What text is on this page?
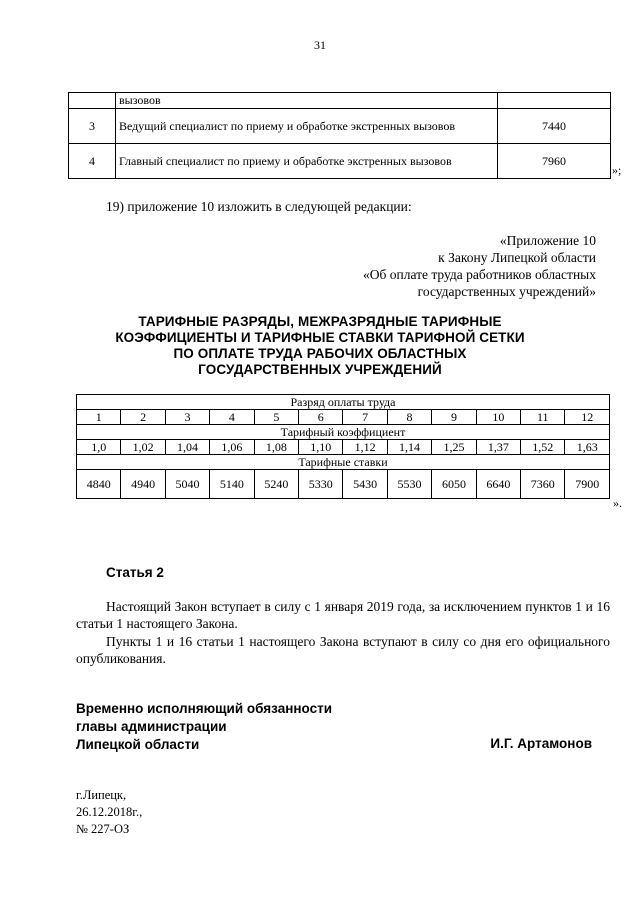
31
	вызовов	
3	Ведущий специалист по приему и обработке экстренных вызовов	7440
4	Главный специалист по приему и обработке экстренных вызовов	7960
»;
19) приложение 10 изложить в следующей редакции:
«Приложение 10
к Закону Липецкой области
«Об оплате труда работников областных
государственных учреждений»
ТАРИФНЫЕ РАЗРЯДЫ, МЕЖРАЗРЯДНЫЕ ТАРИФНЫЕ
КОЭФФИЦИЕНТЫ И ТАРИФНЫЕ СТАВКИ ТАРИФНОЙ СЕТКИ
ПО ОПЛАТЕ ТРУДА РАБОЧИХ ОБЛАСТНЫХ
ГОСУДАРСТВЕННЫХ УЧРЕЖДЕНИЙ
Разряд оплаты труда											
1	2	3	4	5	6	7	8	9	10	11	12
Тарифный коэффициент											
1,0	1,02	1,04	1,06	1,08	1,10	1,12	1,14	1,25	1,37	1,52	1,63
Тарифные ставки											
4840	4940	5040	5140	5240	5330	5430	5530	6050	6640	7360	7900
».
Статья 2
Настоящий Закон вступает в силу с 1 января 2019 года, за исключением пунктов 1 и 16 статьи 1 настоящего Закона.
Пункты 1 и 16 статьи 1 настоящего Закона вступают в силу со дня его официального опубликования.
Временно исполняющий обязанности
главы администрации
Липецкой области	И.Г. Артамонов
г.Липецк,
26.12.2018г.,
№ 227-ОЗ
